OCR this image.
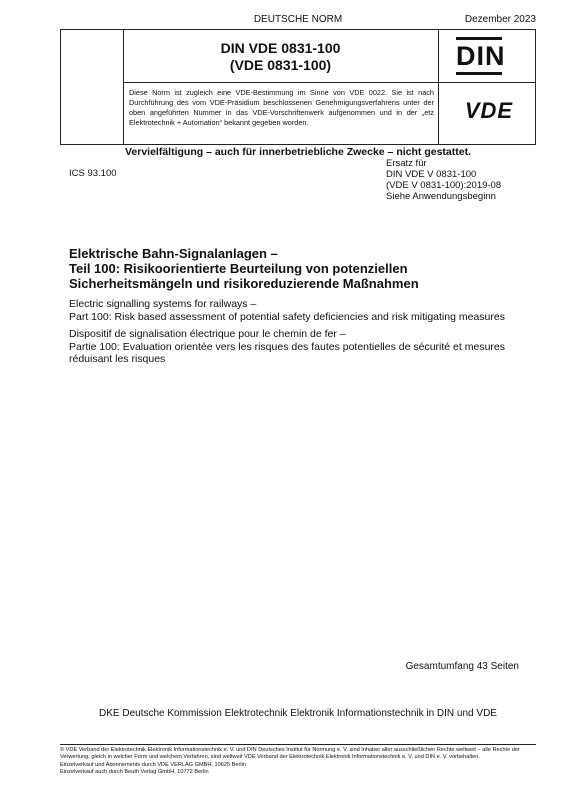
DEUTSCHE NORM	Dezember 2023
DIN VDE 0831-100
(VDE 0831-100)
Diese Norm ist zugleich eine VDE-Bestimmung im Sinne von VDE 0022. Sie ist nach Durchführung des vom VDE-Präsidium beschlossenen Genehmigungsverfahrens unter der oben angeführten Nummer in das VDE-Vorschriftenwerk aufgenommen und in der „etz Elektrotechnik + Automation“ bekannt gegeben worden.
DIN
VDE
Vervielfältigung – auch für innerbetriebliche Zwecke – nicht gestattet.
ICS 93.100
Ersatz für
DIN VDE V 0831-100
(VDE V 0831-100):2019-08
Siehe Anwendungsbeginn
Elektrische Bahn-Signalanlagen –
Teil 100: Risikoorientierte Beurteilung von potenziellen
Sicherheitsmängeln und risikoreduzierende Maßnahmen
Electric signalling systems for railways –
Part 100: Risk based assessment of potential safety deficiencies and risk mitigating measures
Dispositif de signalisation électrique pour le chemin de fer –
Partie 100: Evaluation orientée vers les risques des fautes potentielles de sécurité et mesures réduisant les risques
Gesamtumfang 43 Seiten
DKE Deutsche Kommission Elektrotechnik Elektronik Informationstechnik in DIN und VDE

© VDE Verband der Elektrotechnik Elektronik Informationstechnik e. V. und DIN Deutsches Institut für Normung e. V. sind Inhaber aller ausschließlichen Rechte weltweit – alle Rechte der Verwertung, gleich in welcher Form und welchem Verfahren, sind weltweit VDE Verband der Elektrotechnik Elektronik Informationstechnik e. V. und DIN e. V. vorbehalten.

Einzelverkauf und Abonnements durch VDE VERLAG GMBH, 10625 Berlin

Einzelverkauf auch durch Beuth Verlag GmbH, 10772 Berlin
